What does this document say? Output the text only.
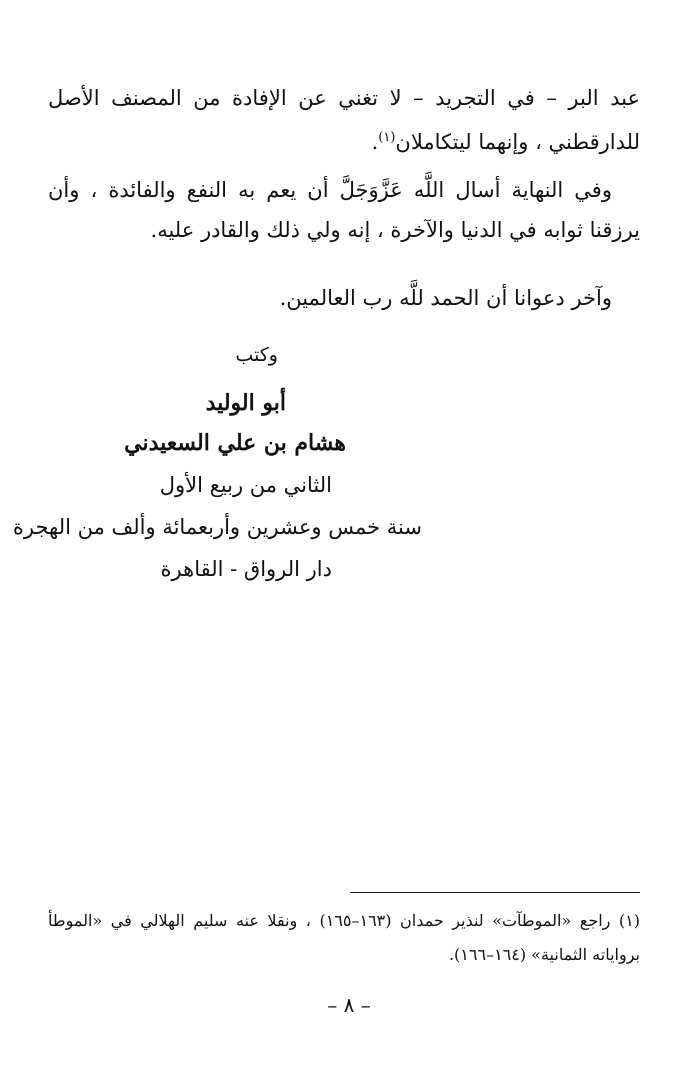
عبد البر – في التجريد – لا تغني عن الإفادة من المصنف الأصل للدارقطني ، وإنهما ليتكاملان$^{(١)}$.

وفي النهاية أسال اللَّه عَزَّوَجَلَّ أن يعم به النفع والفائدة ، وأن يرزقنا ثوابه في الدنيا والآخرة ، إنه ولي ذلك والقادر عليه.

وآخر دعوانا أن الحمد للَّه رب العالمين.

وكتب
أبو الوليد
هشام بن علي السعيدني
الثاني من ربيع الأول
سنة خمس وعشرين وأربعمائة وألف من الهجرة
دار الرواق - القاهرة

(١) راجع «الموطآت» لنذير حمدان (١٦٣–١٦٥) ، ونقلا عنه سليم الهلالي في «الموطأ برواياته الثمانية» (١٦٤–١٦٦).

– ٨ –
